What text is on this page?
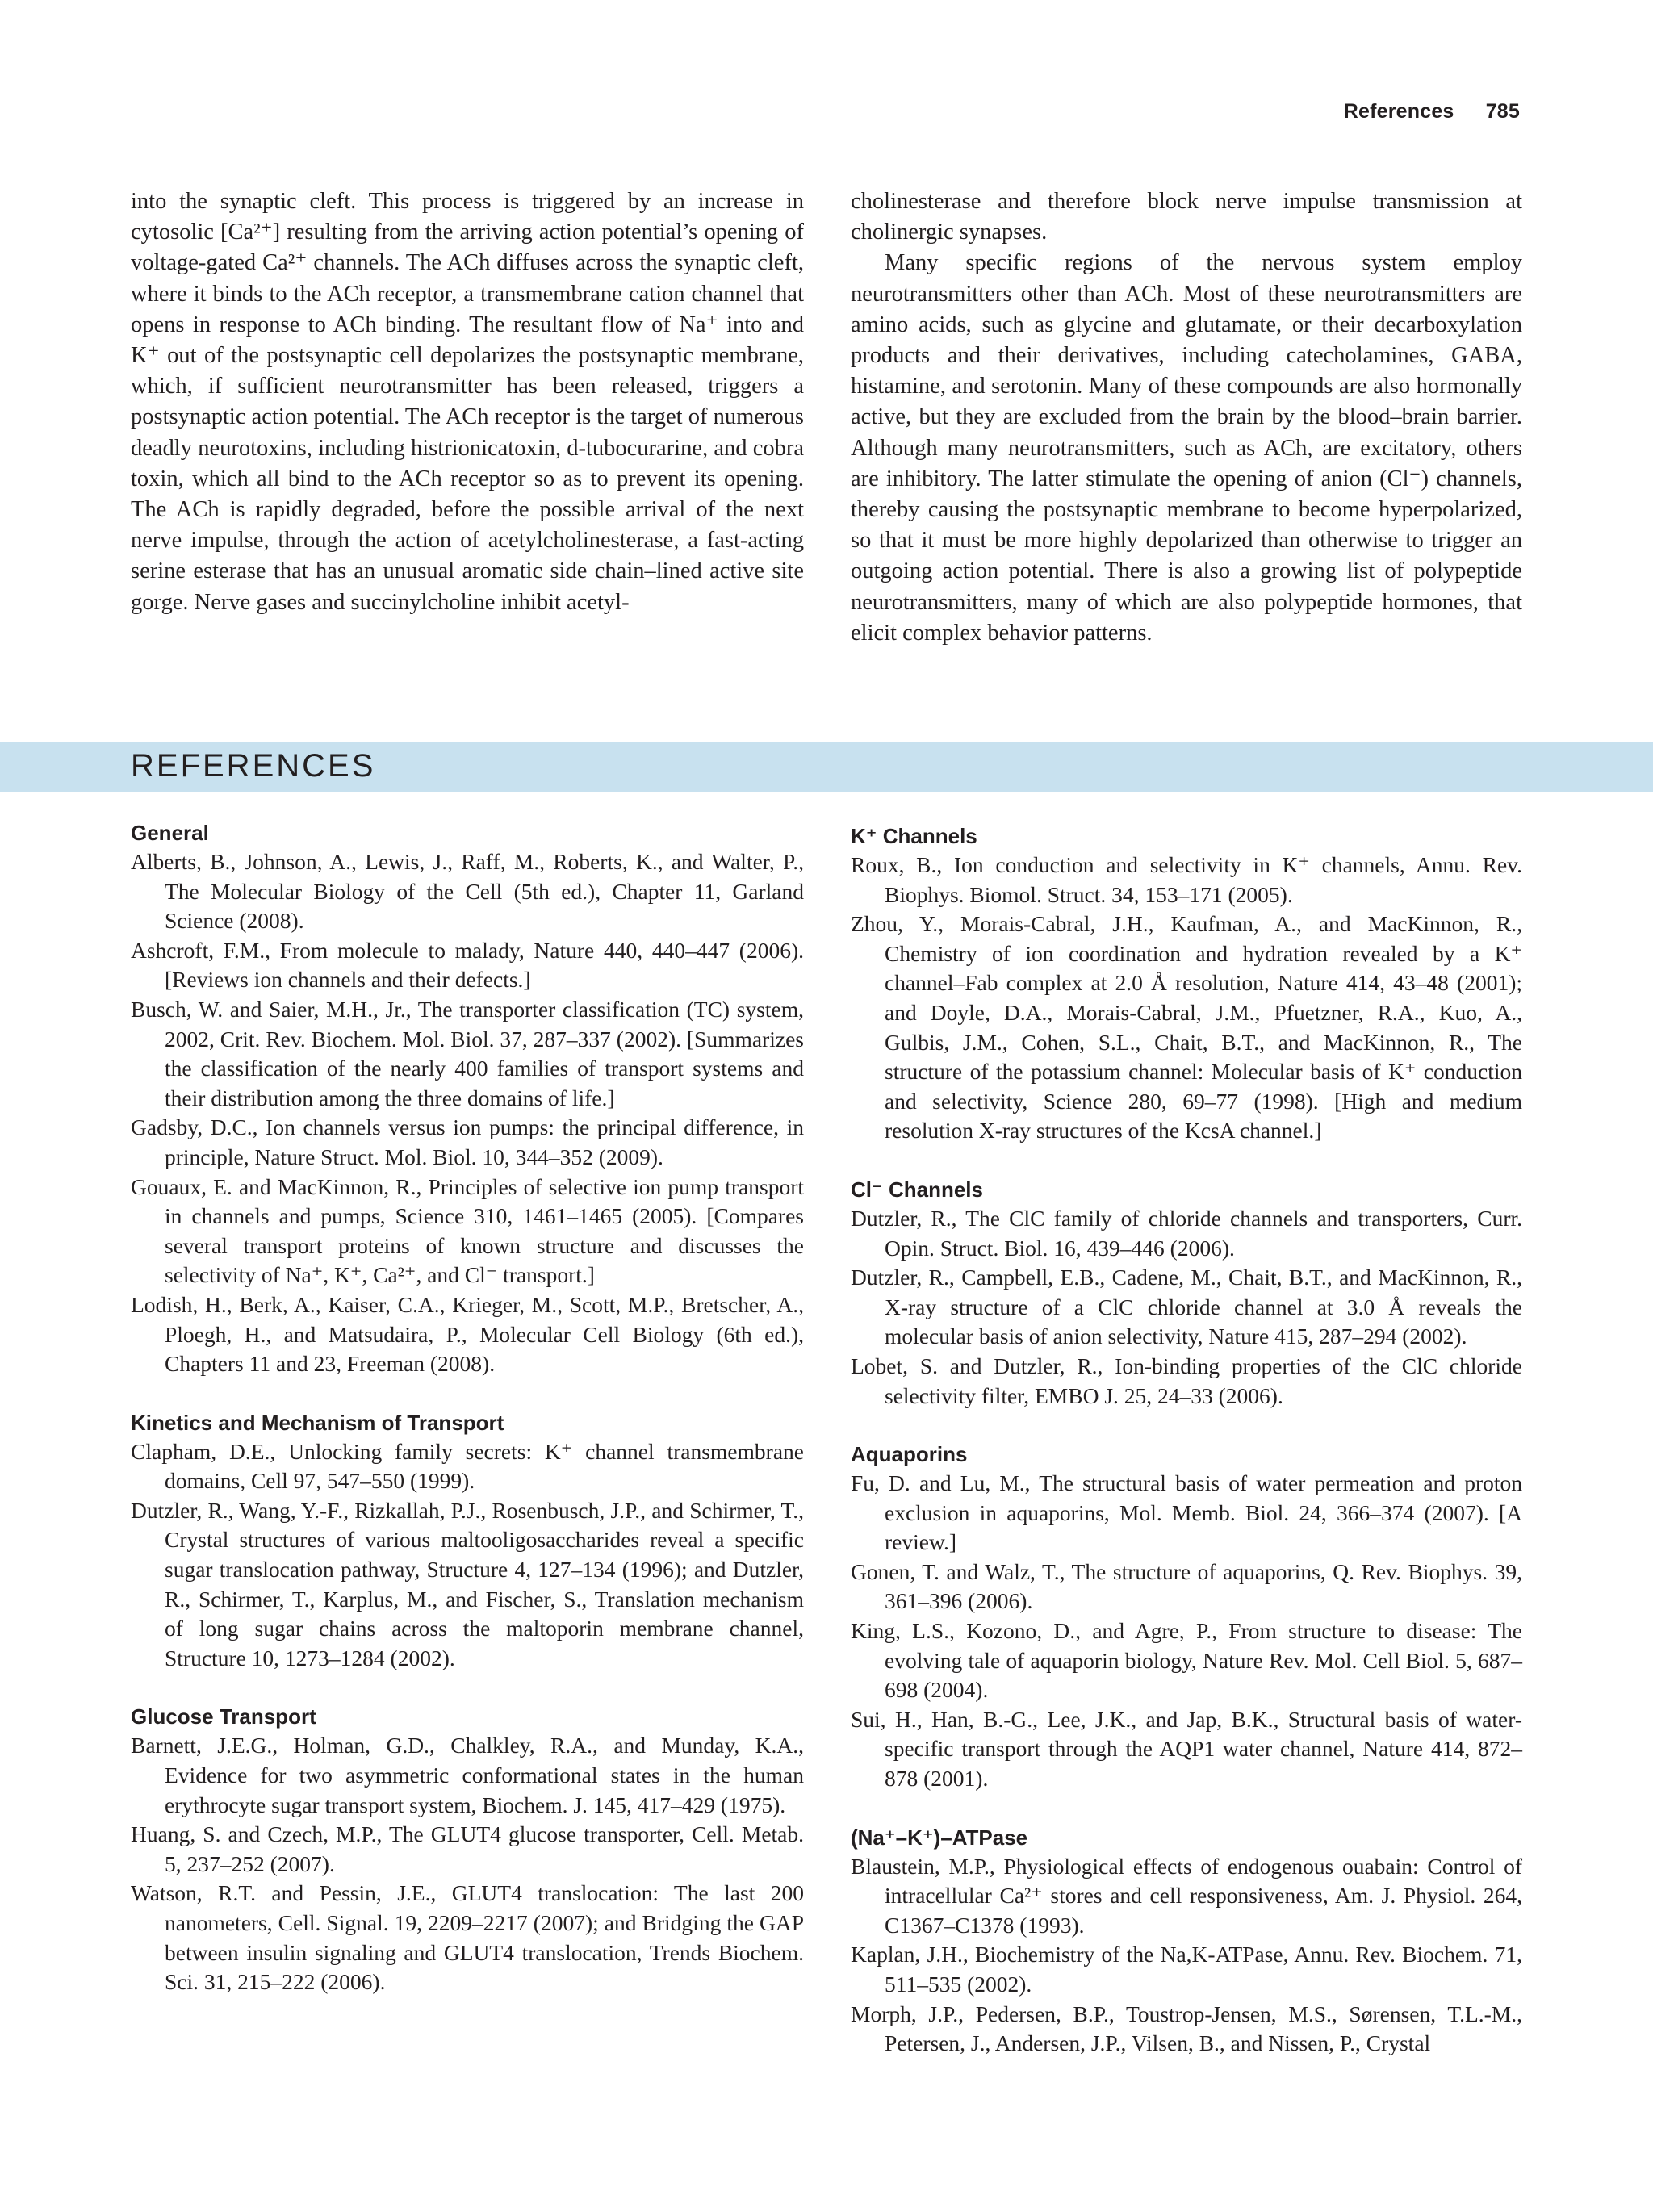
References 785

into the synaptic cleft. This process is triggered by an increase in cytosolic [Ca²⁺] resulting from the arriving action potential’s opening of voltage-gated Ca²⁺ channels. The ACh diffuses across the synaptic cleft, where it binds to the ACh receptor, a transmembrane cation channel that opens in response to ACh binding. The resultant flow of Na⁺ into and K⁺ out of the postsynaptic cell depolarizes the postsynaptic membrane, which, if sufficient neurotransmitter has been released, triggers a postsynaptic action potential. The ACh receptor is the target of numerous deadly neurotoxins, including histrionicatoxin, d-tubocurarine, and cobra toxin, which all bind to the ACh receptor so as to prevent its opening. The ACh is rapidly degraded, before the possible arrival of the next nerve impulse, through the action of acetylcholinesterase, a fast-acting serine esterase that has an unusual aromatic side chain–lined active site gorge. Nerve gases and succinylcholine inhibit acetyl-

cholinesterase and therefore block nerve impulse transmission at cholinergic synapses.

Many specific regions of the nervous system employ neurotransmitters other than ACh. Most of these neurotransmitters are amino acids, such as glycine and glutamate, or their decarboxylation products and their derivatives, including catecholamines, GABA, histamine, and serotonin. Many of these compounds are also hormonally active, but they are excluded from the brain by the blood–brain barrier. Although many neurotransmitters, such as ACh, are excitatory, others are inhibitory. The latter stimulate the opening of anion (Cl⁻) channels, thereby causing the postsynaptic membrane to become hyperpolarized, so that it must be more highly depolarized than otherwise to trigger an outgoing action potential. There is also a growing list of polypeptide neurotransmitters, many of which are also polypeptide hormones, that elicit complex behavior patterns.

REFERENCES
General

Alberts, B., Johnson, A., Lewis, J., Raff, M., Roberts, K., and Walter, P., The Molecular Biology of the Cell (5th ed.), Chapter 11, Garland Science (2008).

Ashcroft, F.M., From molecule to malady, Nature 440, 440–447 (2006). [Reviews ion channels and their defects.]

Busch, W. and Saier, M.H., Jr., The transporter classification (TC) system, 2002, Crit. Rev. Biochem. Mol. Biol. 37, 287–337 (2002). [Summarizes the classification of the nearly 400 families of transport systems and their distribution among the three domains of life.]

Gadsby, D.C., Ion channels versus ion pumps: the principal difference, in principle, Nature Struct. Mol. Biol. 10, 344–352 (2009).

Gouaux, E. and MacKinnon, R., Principles of selective ion pump transport in channels and pumps, Science 310, 1461–1465 (2005). [Compares several transport proteins of known structure and discusses the selectivity of Na⁺, K⁺, Ca²⁺, and Cl⁻ transport.]

Lodish, H., Berk, A., Kaiser, C.A., Krieger, M., Scott, M.P., Bretscher, A., Ploegh, H., and Matsudaira, P., Molecular Cell Biology (6th ed.), Chapters 11 and 23, Freeman (2008).

Kinetics and Mechanism of Transport

Clapham, D.E., Unlocking family secrets: K⁺ channel transmembrane domains, Cell 97, 547–550 (1999).

Dutzler, R., Wang, Y.-F., Rizkallah, P.J., Rosenbusch, J.P., and Schirmer, T., Crystal structures of various maltooligosaccharides reveal a specific sugar translocation pathway, Structure 4, 127–134 (1996); and Dutzler, R., Schirmer, T., Karplus, M., and Fischer, S., Translation mechanism of long sugar chains across the maltoporin membrane channel, Structure 10, 1273–1284 (2002).

Glucose Transport

Barnett, J.E.G., Holman, G.D., Chalkley, R.A., and Munday, K.A., Evidence for two asymmetric conformational states in the human erythrocyte sugar transport system, Biochem. J. 145, 417–429 (1975).

Huang, S. and Czech, M.P., The GLUT4 glucose transporter, Cell. Metab. 5, 237–252 (2007).

Watson, R.T. and Pessin, J.E., GLUT4 translocation: The last 200 nanometers, Cell. Signal. 19, 2209–2217 (2007); and Bridging the GAP between insulin signaling and GLUT4 translocation, Trends Biochem. Sci. 31, 215–222 (2006).

K⁺ Channels

Roux, B., Ion conduction and selectivity in K⁺ channels, Annu. Rev. Biophys. Biomol. Struct. 34, 153–171 (2005).

Zhou, Y., Morais-Cabral, J.H., Kaufman, A., and MacKinnon, R., Chemistry of ion coordination and hydration revealed by a K⁺ channel–Fab complex at 2.0 Å resolution, Nature 414, 43–48 (2001); and Doyle, D.A., Morais-Cabral, J.M., Pfuetzner, R.A., Kuo, A., Gulbis, J.M., Cohen, S.L., Chait, B.T., and MacKinnon, R., The structure of the potassium channel: Molecular basis of K⁺ conduction and selectivity, Science 280, 69–77 (1998). [High and medium resolution X-ray structures of the KcsA channel.]

Cl⁻ Channels

Dutzler, R., The ClC family of chloride channels and transporters, Curr. Opin. Struct. Biol. 16, 439–446 (2006).

Dutzler, R., Campbell, E.B., Cadene, M., Chait, B.T., and MacKinnon, R., X-ray structure of a ClC chloride channel at 3.0 Å reveals the molecular basis of anion selectivity, Nature 415, 287–294 (2002).

Lobet, S. and Dutzler, R., Ion-binding properties of the ClC chloride selectivity filter, EMBO J. 25, 24–33 (2006).

Aquaporins

Fu, D. and Lu, M., The structural basis of water permeation and proton exclusion in aquaporins, Mol. Memb. Biol. 24, 366–374 (2007). [A review.]

Gonen, T. and Walz, T., The structure of aquaporins, Q. Rev. Biophys. 39, 361–396 (2006).

King, L.S., Kozono, D., and Agre, P., From structure to disease: The evolving tale of aquaporin biology, Nature Rev. Mol. Cell Biol. 5, 687–698 (2004).

Sui, H., Han, B.-G., Lee, J.K., and Jap, B.K., Structural basis of water-specific transport through the AQP1 water channel, Nature 414, 872–878 (2001).

(Na⁺–K⁺)–ATPase

Blaustein, M.P., Physiological effects of endogenous ouabain: Control of intracellular Ca²⁺ stores and cell responsiveness, Am. J. Physiol. 264, C1367–C1378 (1993).

Kaplan, J.H., Biochemistry of the Na,K-ATPase, Annu. Rev. Biochem. 71, 511–535 (2002).

Morph, J.P., Pedersen, B.P., Toustrop-Jensen, M.S., Sørensen, T.L.-M., Petersen, J., Andersen, J.P., Vilsen, B., and Nissen, P., Crystal
